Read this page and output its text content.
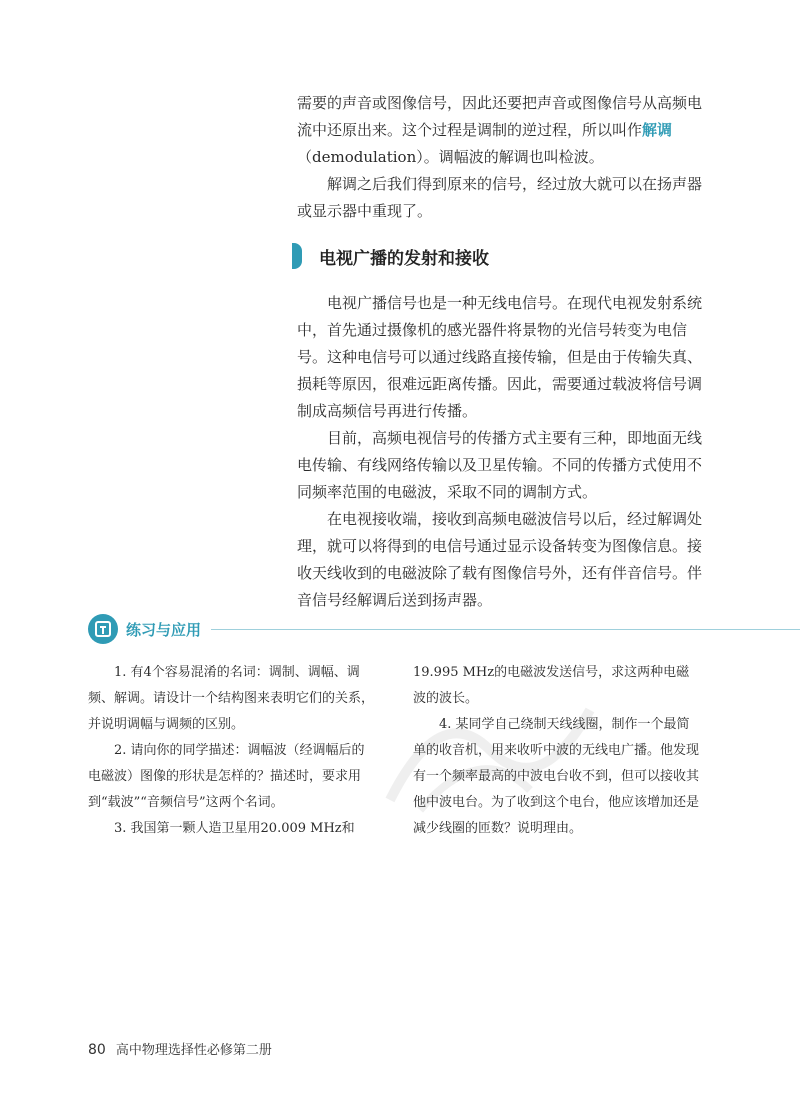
需要的声音或图像信号，因此还要把声音或图像信号从高频电流中还原出来。这个过程是调制的逆过程，所以叫作解调（demodulation）。调幅波的解调也叫检波。

解调之后我们得到原来的信号，经过放大就可以在扬声器或显示器中重现了。

电视广播的发射和接收

电视广播信号也是一种无线电信号。在现代电视发射系统中，首先通过摄像机的感光器件将景物的光信号转变为电信号。这种电信号可以通过线路直接传输，但是由于传输失真、损耗等原因，很难远距离传播。因此，需要通过载波将信号调制成高频信号再进行传播。

目前，高频电视信号的传播方式主要有三种，即地面无线电传输、有线网络传输以及卫星传输。不同的传播方式使用不同频率范围的电磁波，采取不同的调制方式。

在电视接收端，接收到高频电磁波信号以后，经过解调处理，就可以将得到的电信号通过显示设备转变为图像信息。接收天线收到的电磁波除了载有图像信号外，还有伴音信号。伴音信号经解调后送到扬声器。

练习与应用

1. 有4个容易混淆的名词：调制、调幅、调频、解调。请设计一个结构图来表明它们的关系，并说明调幅与调频的区别。

2. 请向你的同学描述：调幅波（经调幅后的电磁波）图像的形状是怎样的？描述时，要求用到“载波”“音频信号”这两个名词。

3. 我国第一颗人造卫星用20.009 MHz和

19.995 MHz的电磁波发送信号，求这两种电磁波的波长。

4. 某同学自己绕制天线线圈，制作一个最简单的收音机，用来收听中波的无线电广播。他发现有一个频率最高的中波电台收不到，但可以接收其他中波电台。为了收到这个电台，他应该增加还是减少线圈的匝数？说明理由。

80 高中物理选择性必修第二册
